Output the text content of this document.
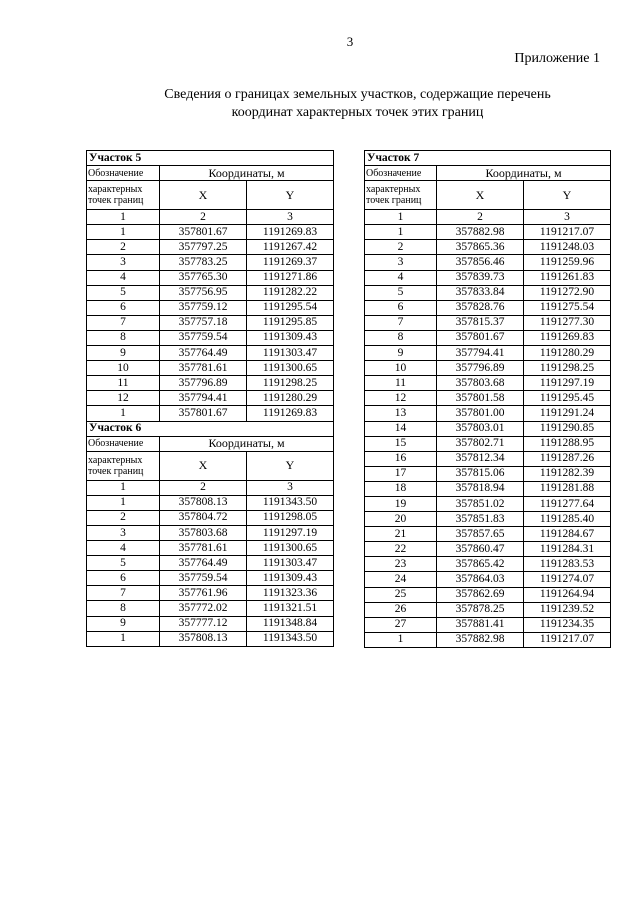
3
Приложение 1
Сведения о границах земельных участков, содержащие перечень
координат характерных точек этих границ
Участок 5		
Обозначение	Координаты, м	

характерных
точек границ	X	Y
1	2	3
1	357801.67	1191269.83
2	357797.25	1191267.42
3	357783.25	1191269.37
4	357765.30	1191271.86
5	357756.95	1191282.22
6	357759.12	1191295.54
7	357757.18	1191295.85
8	357759.54	1191309.43
9	357764.49	1191303.47
10	357781.61	1191300.65
11	357796.89	1191298.25
12	357794.41	1191280.29
1	357801.67	1191269.83
Участок 6		
Обозначение	Координаты, м	

характерных
точек границ	X	Y
1	2	3
1	357808.13	1191343.50
2	357804.72	1191298.05
3	357803.68	1191297.19
4	357781.61	1191300.65
5	357764.49	1191303.47
6	357759.54	1191309.43
7	357761.96	1191323.36
8	357772.02	1191321.51
9	357777.12	1191348.84
1	357808.13	1191343.50
Участок 7		
Обозначение	Координаты, м	

характерных
точек границ	X	Y
1	2	3
1	357882.98	1191217.07
2	357865.36	1191248.03
3	357856.46	1191259.96
4	357839.73	1191261.83
5	357833.84	1191272.90
6	357828.76	1191275.54
7	357815.37	1191277.30
8	357801.67	1191269.83
9	357794.41	1191280.29
10	357796.89	1191298.25
11	357803.68	1191297.19
12	357801.58	1191295.45
13	357801.00	1191291.24
14	357803.01	1191290.85
15	357802.71	1191288.95
16	357812.34	1191287.26
17	357815.06	1191282.39
18	357818.94	1191281.88
19	357851.02	1191277.64
20	357851.83	1191285.40
21	357857.65	1191284.67
22	357860.47	1191284.31
23	357865.42	1191283.53
24	357864.03	1191274.07
25	357862.69	1191264.94
26	357878.25	1191239.52
27	357881.41	1191234.35
1	357882.98	1191217.07
